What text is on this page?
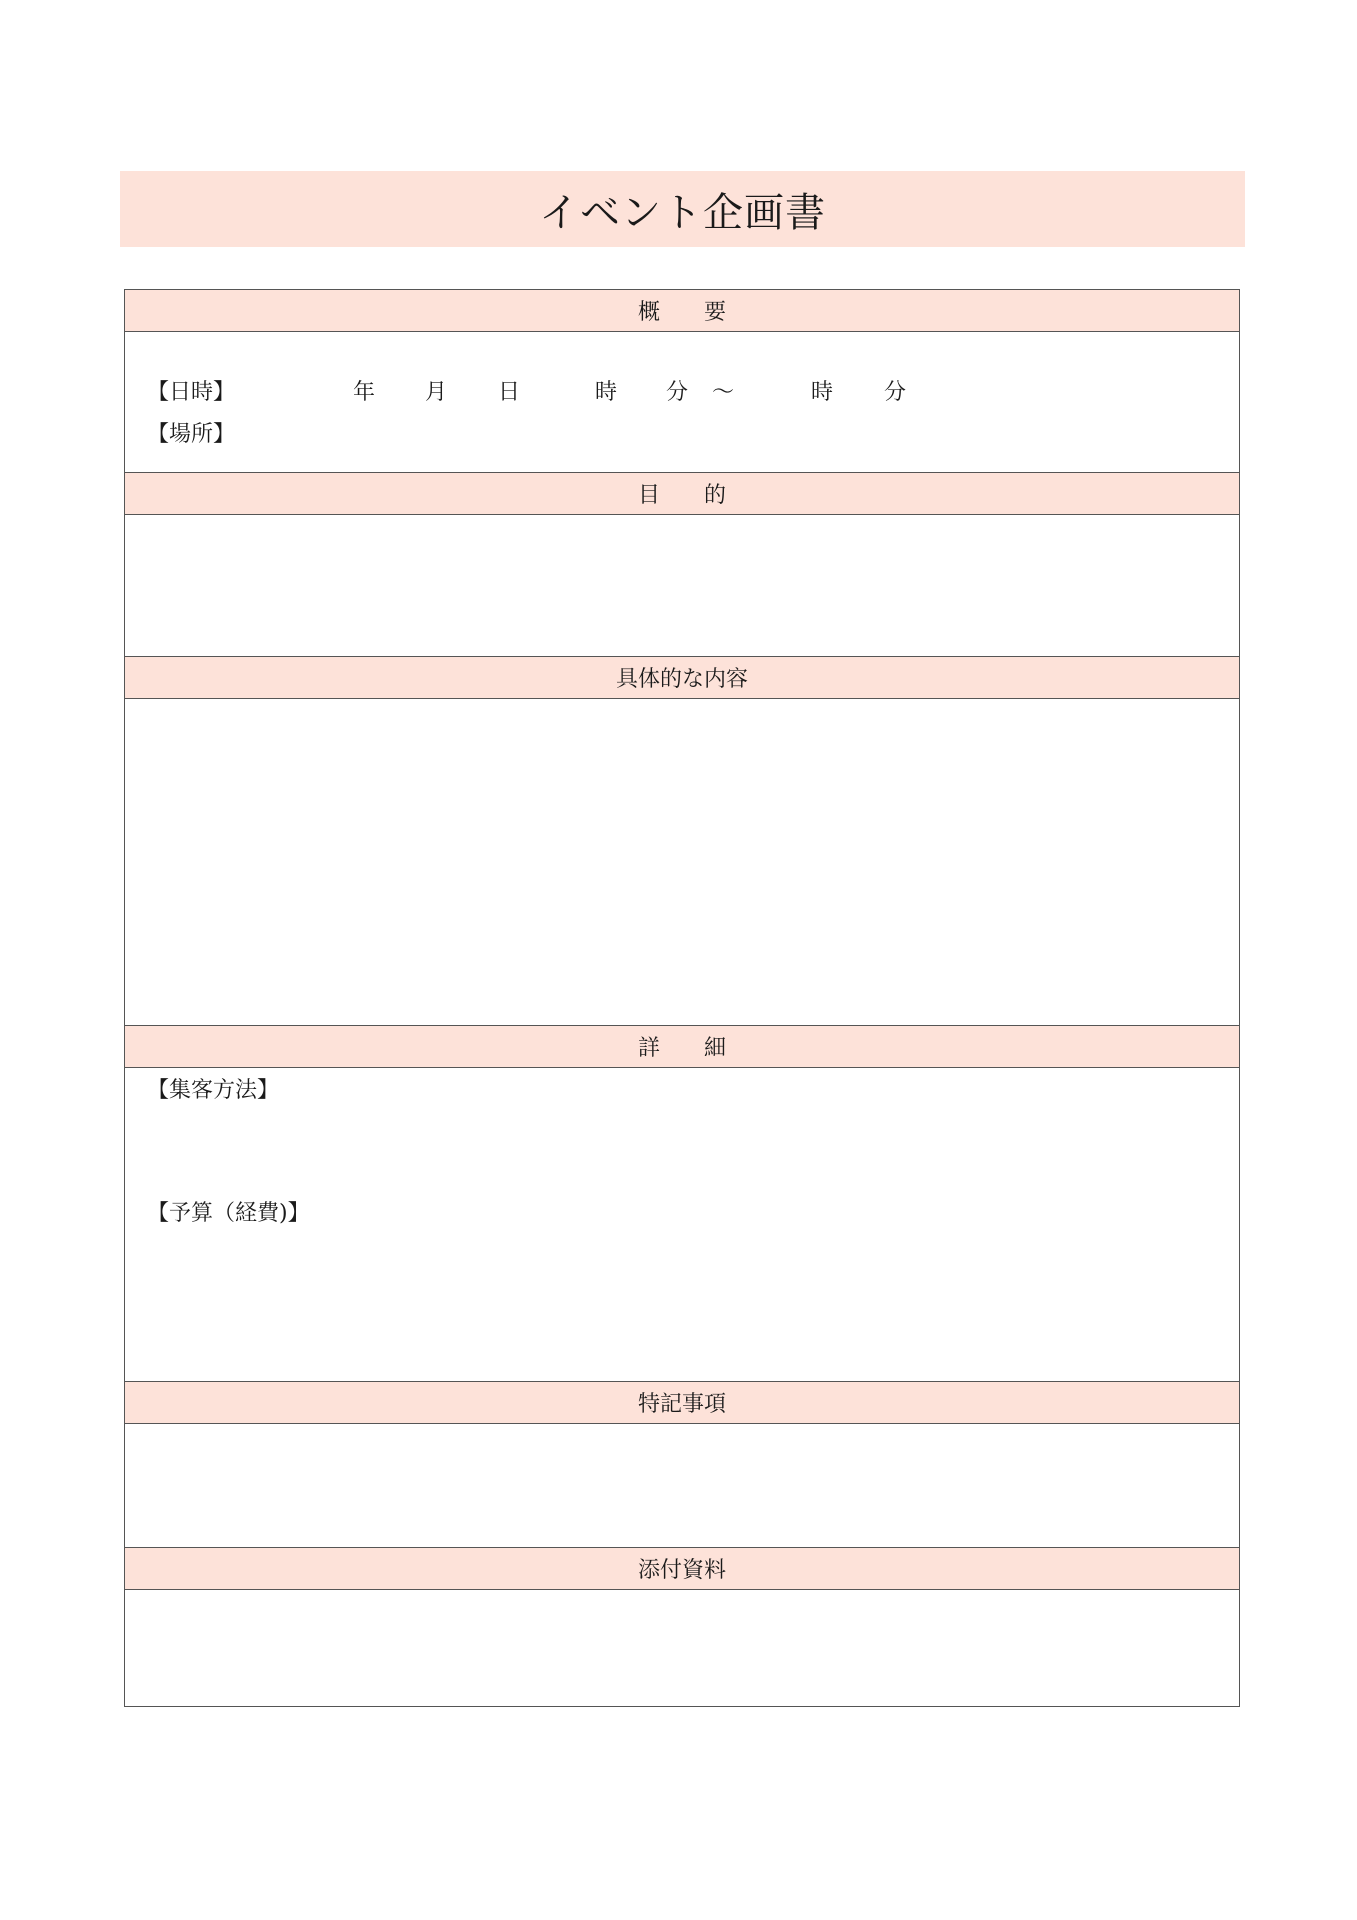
イベント企画書
概 要
【日時】	年 月 日	時 分 ～	時 分
【場所】
目 的
具体的な内容
詳 細
【集客方法】
【予算（経費)】
特記事項
添付資料
